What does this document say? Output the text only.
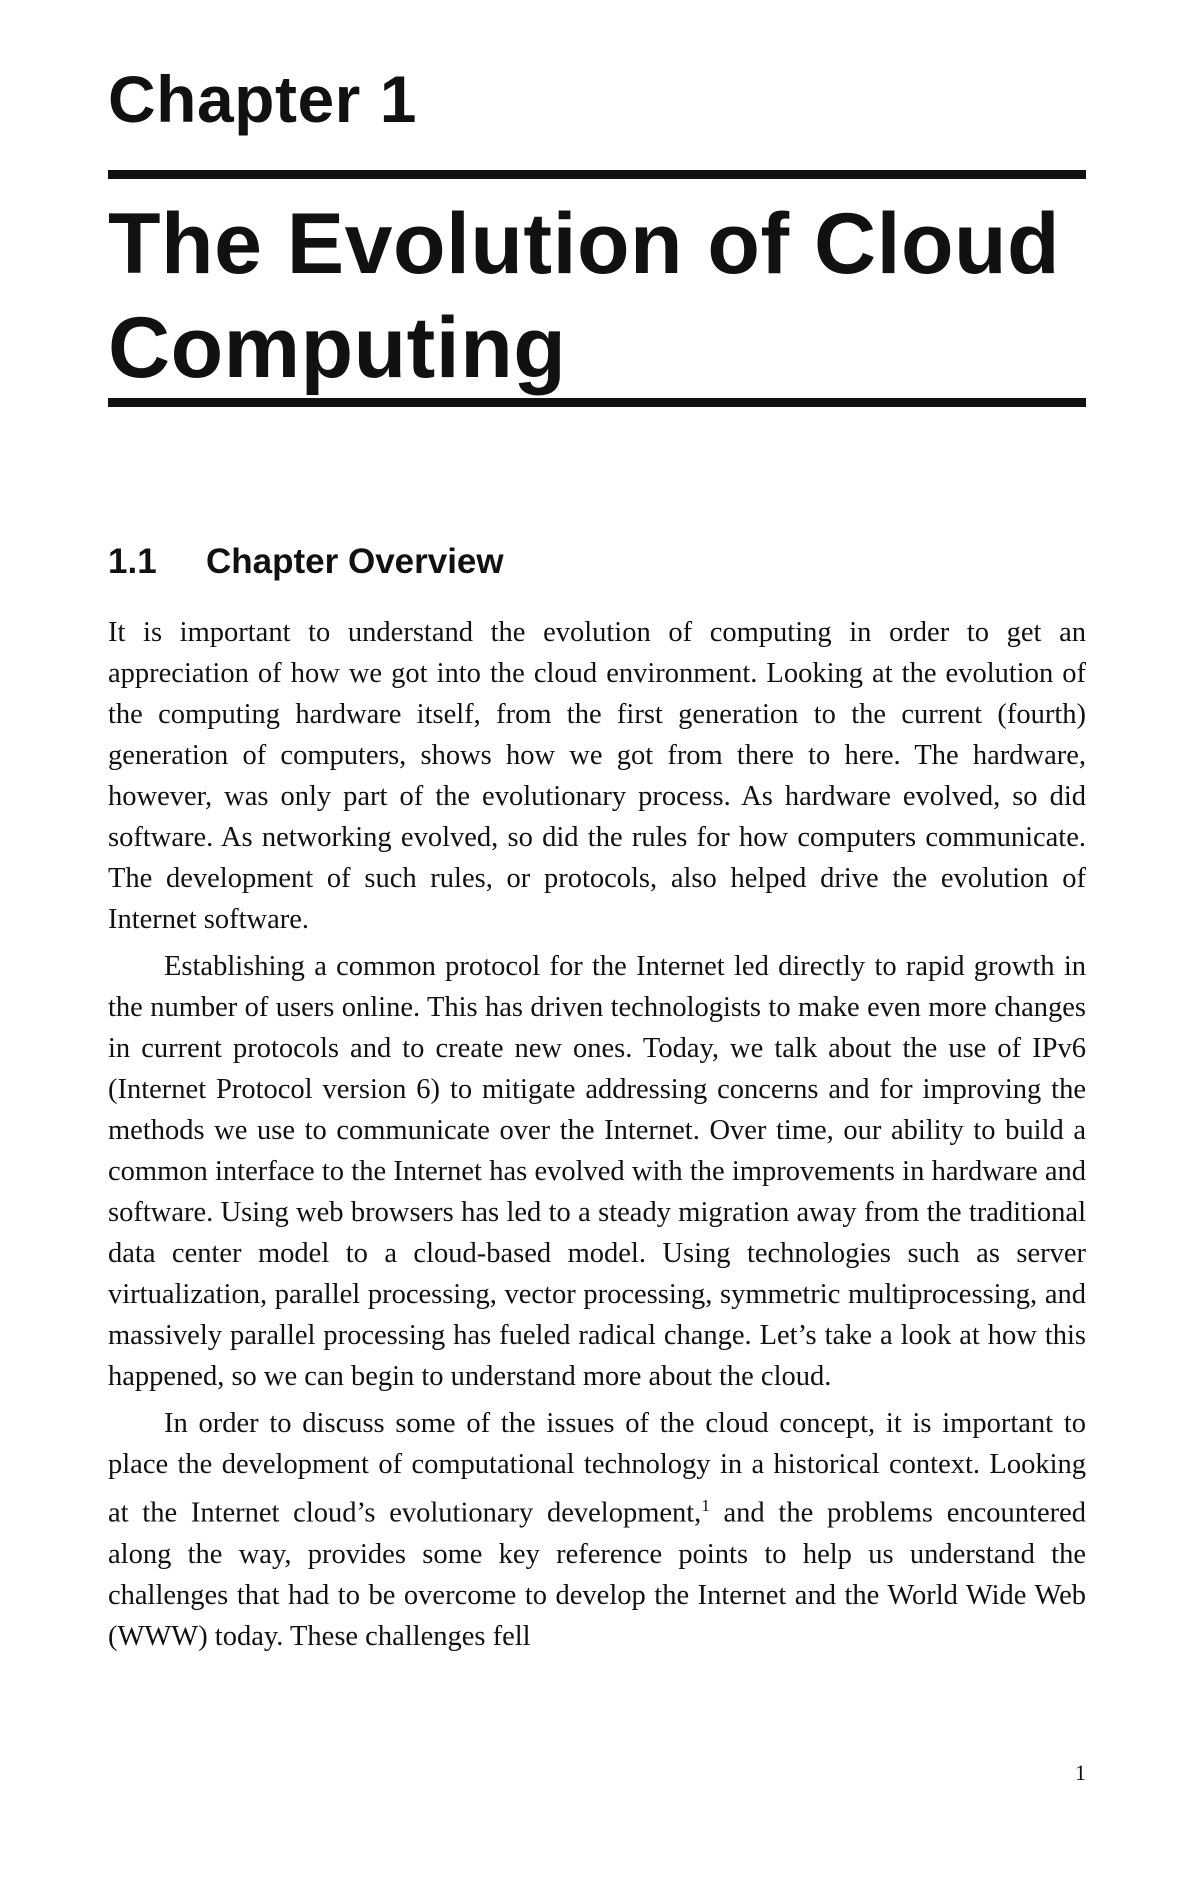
Chapter 1
The Evolution of Cloud Computing
1.1 Chapter Overview

It is important to understand the evolution of computing in order to get an appreciation of how we got into the cloud environment. Looking at the evolution of the computing hardware itself, from the first generation to the current (fourth) generation of computers, shows how we got from there to here. The hardware, however, was only part of the evolutionary process. As hardware evolved, so did software. As networking evolved, so did the rules for how computers communicate. The development of such rules, or protocols, also helped drive the evolution of Internet software.

Establishing a common protocol for the Internet led directly to rapid growth in the number of users online. This has driven technologists to make even more changes in current protocols and to create new ones. Today, we talk about the use of IPv6 (Internet Protocol version 6) to mitigate addressing concerns and for improving the methods we use to communicate over the Internet. Over time, our ability to build a common interface to the Internet has evolved with the improvements in hardware and software. Using web browsers has led to a steady migration away from the traditional data center model to a cloud-based model. Using technologies such as server virtualization, parallel processing, vector processing, symmetric multiprocessing, and massively parallel processing has fueled radical change. Let’s take a look at how this happened, so we can begin to understand more about the cloud.

In order to discuss some of the issues of the cloud concept, it is important to place the development of computational technology in a historical context. Looking at the Internet cloud’s evolutionary development,$^1$ and the problems encountered along the way, provides some key reference points to help us understand the challenges that had to be overcome to develop the Internet and the World Wide Web (WWW) today. These challenges fell

1
